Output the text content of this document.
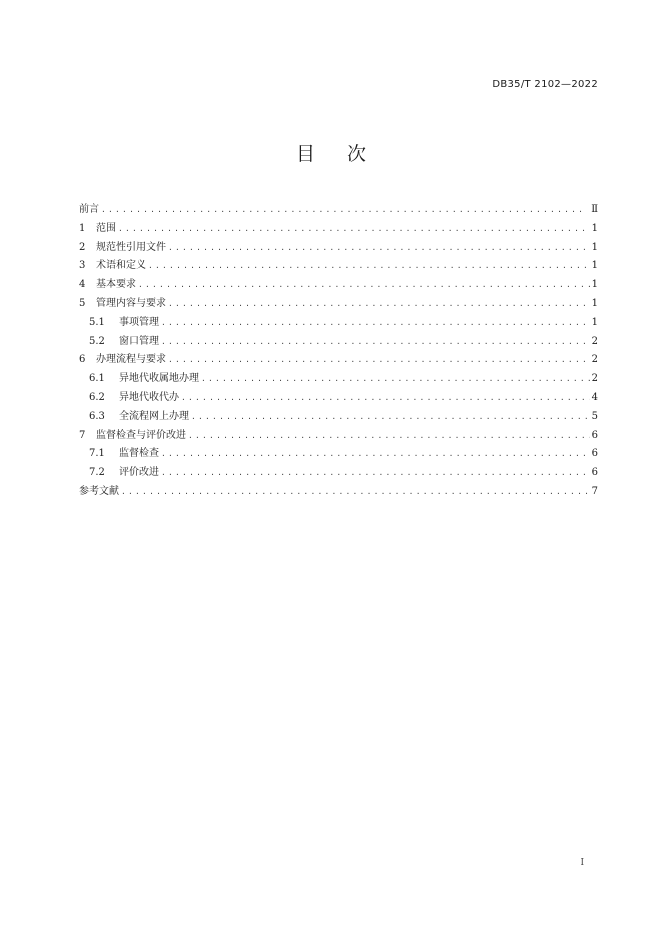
DB35/T 2102—2022
目 次
前言 .....	Ⅱ
1	范围 .....	1
2	规范性引用文件 .....	1
3	术语和定义 .....	1
4	基本要求 .....	1
5	管理内容与要求 .....	1
5.1	事项管理 .....	1
5.2	窗口管理 .....	2
6	办理流程与要求 .....	2
6.1	异地代收属地办理 .....	2
6.2	异地代收代办 .....	4
6.3	全流程网上办理 .....	5
7	监督检查与评价改进 .....	6
7.1	监督检查 .....	6
7.2	评价改进 .....	6
参考文献 .....	7
I
